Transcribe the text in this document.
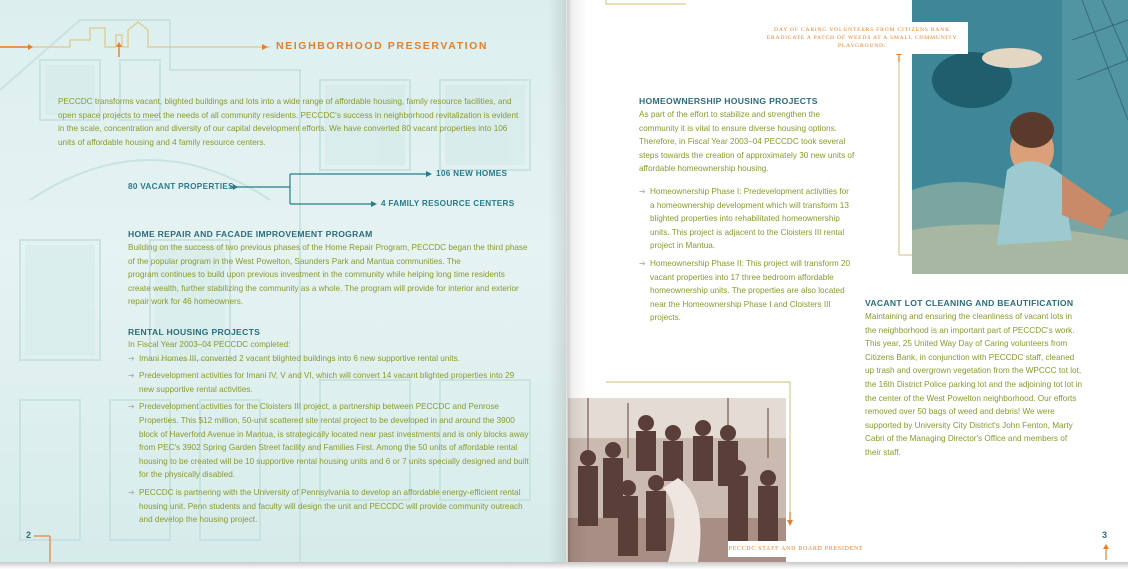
NEIGHBORHOOD PRESERVATION
PECCDC transforms vacant, blighted buildings and lots into a wide range of affordable housing, family resource facilities, and open space projects to meet the needs of all community residents. PECCDC's success in neighborhood revitalization is evident in the scale, concentration and diversity of our capital development efforts. We have converted 80 vacant properties into 106 units of affordable housing and 4 family resource centers.
80 VACANT PROPERTIES
106 NEW HOMES
4 FAMILY RESOURCE CENTERS
HOME REPAIR AND FACADE IMPROVEMENT PROGRAM
Building on the success of two previous phases of the Home Repair Program, PECCDC began the third phase of the popular program in the West Powelton, Saunders Park and Mantua communities. The
program continues to build upon previous investment in the community while helping long time residents create wealth, further stabilizing the community as a whole. The program will provide for interior and exterior repair work for 46 homeowners.
RENTAL HOUSING PROJECTS
In Fiscal Year 2003–04 PECCDC completed:
➔ Imani Homes III, converted 2 vacant blighted buildings into 6 new supportive rental units.
➔ Predevelopment activities for Imani IV, V and VI, which will convert 14 vacant blighted properties into 29 new supportive rental activities.
➔ Predevelopment activities for the Cloisters III project, a partnership between PECCDC and Penrose Properties. This $12 million, 50-unit scattered site rental project to be developed in and around the 3900 block of Haverford Avenue in Mantua, is strategically located near past investments and is only blocks away from PEC's 3902 Spring Garden Street facility and Families First. Among the 50 units of affordable rental housing to be created will be 10 supportive rental housing units and 6 or 7 units specially designed and built for the physically disabled.
➔ PECCDC is partnering with the University of Pennsylvania to develop an affordable energy-efficient rental housing unit. Penn students and faculty will design the unit and PECCDC will provide community outreach and develop the housing project.
2
DAY OF CARING VOLUNTEERS FROM CITIZENS BANK ERADICATE A PATCH OF WEEDS AT A SMALL COMMUNITY PLAYGROUND.
HOMEOWNERSHIP HOUSING PROJECTS
As part of the effort to stabilize and strengthen the community it is vital to ensure diverse housing options. Therefore, in Fiscal Year 2003–04 PECCDC took several steps towards the creation of approximately 30 new units of affordable homeownership housing.
➔ Homeownership Phase I: Predevelopment activities for a homeownership development which will transform 13 blighted properties into rehabilitated homeownership units. This project is adjacent to the Cloisters III rental project in Mantua.
➔ Homeownership Phase II: This project will transform 20 vacant properties into 17 three bedroom affordable homeownership units. The properties are also located near the Homeownership Phase I and Cloisters III projects.
VACANT LOT CLEANING AND BEAUTIFICATION
Maintaining and ensuring the cleanliness of vacant lots in the neighborhood is an important part of PECCDC's work. This year, 25 United Way Day of Caring volunteers from Citizens Bank, in conjunction with PECCDC staff, cleaned up trash and overgrown vegetation from the WPCCC tot lot, the 16th District Police parking lot and the adjoining tot lot in the center of the West Powelton neighborhood. Our efforts removed over 50 bags of weed and debris! We were supported by University City District's John Fenton, Marty Cabri of the Managing Director's Office and members of their staff.
PECCDC STAFF AND BOARD PRESIDENT
3
